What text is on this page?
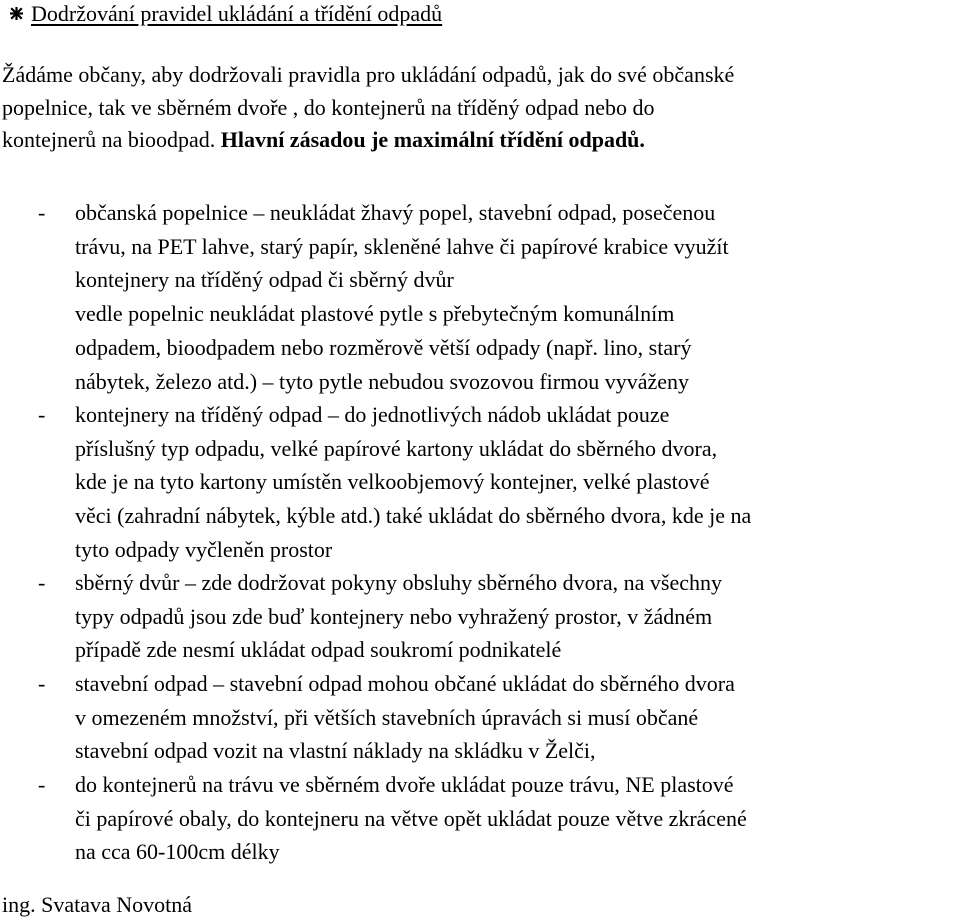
Dodržování pravidel ukládání a třídění odpadů
Žádáme občany, aby dodržovali pravidla pro ukládání odpadů, jak do své občanské
popelnice, tak ve sběrném dvoře , do kontejnerů na tříděný odpad nebo do
kontejnerů na bioodpad. Hlavní zásadou je maximální třídění odpadů.
- občanská popelnice – neukládat žhavý popel, stavební odpad, posečenou
trávu, na PET lahve, starý papír, skleněné lahve či papírové krabice využít
kontejnery na tříděný odpad či sběrný dvůr
vedle popelnic neukládat plastové pytle s přebytečným komunálním
odpadem, bioodpadem nebo rozměrově větší odpady (např. lino, starý
nábytek, železo atd.) – tyto pytle nebudou svozovou firmou vyváženy
- kontejnery na tříděný odpad – do jednotlivých nádob ukládat pouze
příslušný typ odpadu, velké papírové kartony ukládat do sběrného dvora,
kde je na tyto kartony umístěn velkoobjemový kontejner, velké plastové
věci (zahradní nábytek, kýble atd.) také ukládat do sběrného dvora, kde je na
tyto odpady vyčleněn prostor
- sběrný dvůr – zde dodržovat pokyny obsluhy sběrného dvora, na všechny
typy odpadů jsou zde buď kontejnery nebo vyhražený prostor, v žádném
případě zde nesmí ukládat odpad soukromí podnikatelé
- stavební odpad – stavební odpad mohou občané ukládat do sběrného dvora
v omezeném množství, při větších stavebních úpravách si musí občané
stavební odpad vozit na vlastní náklady na skládku v Želči,
- do kontejnerů na trávu ve sběrném dvoře ukládat pouze trávu, NE plastové
či papírové obaly, do kontejneru na větve opět ukládat pouze větve zkrácené
na cca 60-100cm délky
ing. Svatava Novotná
